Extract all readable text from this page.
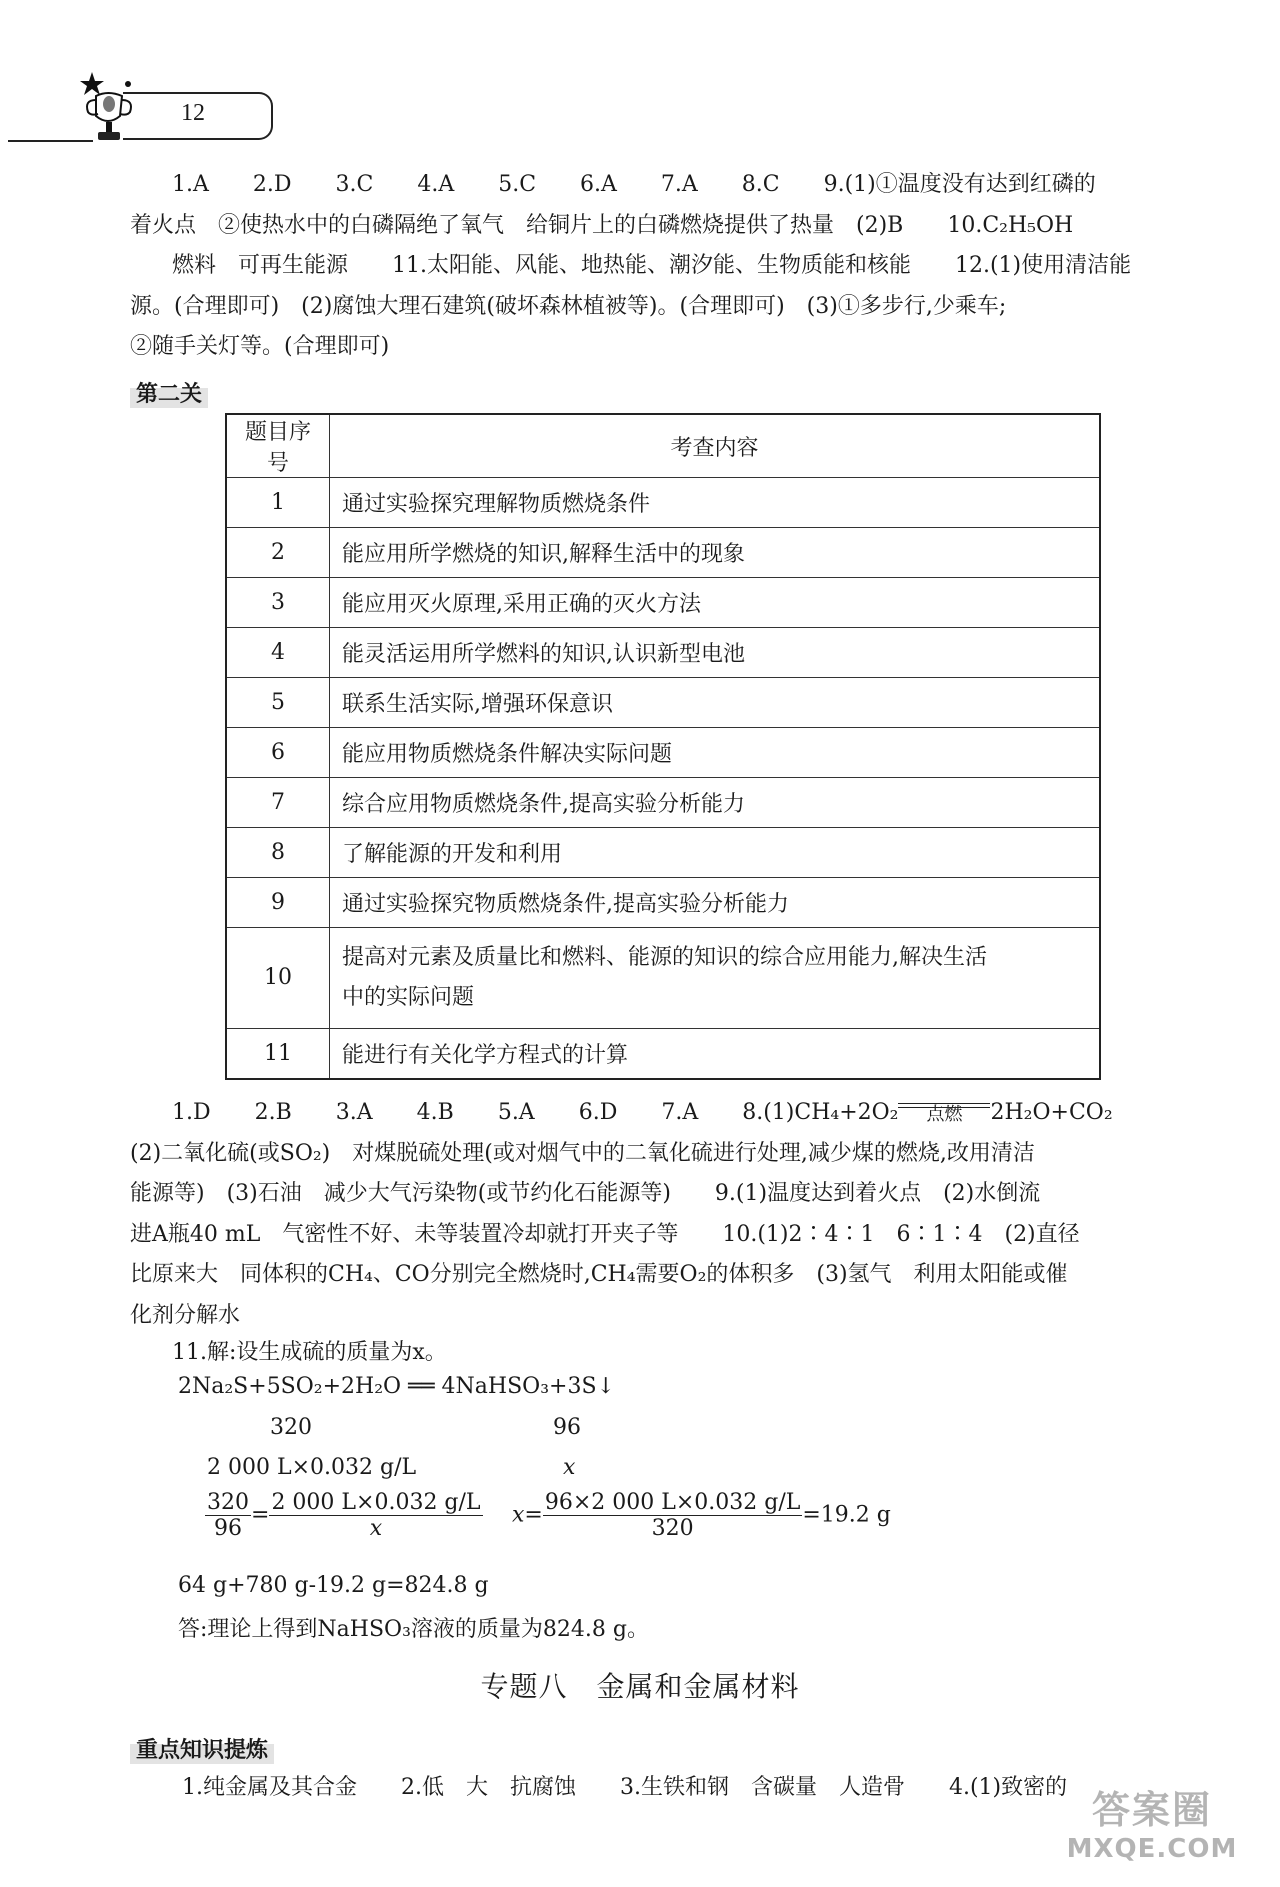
12

1.A　　2.D　　3.C　　4.A　　5.C　　6.A　　7.A　　8.C　　9.(1)①温度没有达到红磷的

着火点　②使热水中的白磷隔绝了氧气　给铜片上的白磷燃烧提供了热量　(2)B　　10.C₂H₅OH

燃料　可再生能源　　11.太阳能、风能、地热能、潮汐能、生物质能和核能　　12.(1)使用清洁能

源。(合理即可)　(2)腐蚀大理石建筑(破坏森林植被等)。(合理即可)　(3)①多步行,少乘车;

②随手关灯等。(合理即可)

第二关
题目序号	考查内容
1	通过实验探究理解物质燃烧条件
2	能应用所学燃烧的知识,解释生活中的现象
3	能应用灭火原理,采用正确的灭火方法
4	能灵活运用所学燃料的知识,认识新型电池
5	联系生活实际,增强环保意识
6	能应用物质燃烧条件解决实际问题
7	综合应用物质燃烧条件,提高实验分析能力
8	了解能源的开发和利用
9	通过实验探究物质燃烧条件,提高实验分析能力
10	提高对元素及质量比和燃料、能源的知识的综合应用能力,解决生活
中的实际问题

11	能进行有关化学方程式的计算

1.D　　2.B　　3.A　　4.B　　5.A　　6.D　　7.A　　8.(1)CH₄+2O₂	点燃	2H₂O+CO₂

(2)二氧化硫(或SO₂)　对煤脱硫处理(或对烟气中的二氧化硫进行处理,减少煤的燃烧,改用清洁

能源等)　(3)石油　减少大气污染物(或节约化石能源等)　　9.(1)温度达到着火点　(2)水倒流

进A瓶40 mL　气密性不好、未等装置冷却就打开夹子等　　10.(1)2∶4∶1　6∶1∶4　(2)直径

比原来大　同体积的CH₄、CO分别完全燃烧时,CH₄需要O₂的体积多　(3)氢气　利用太阳能或催

化剂分解水

11.解:设生成硫的质量为x。
2Na₂S+5SO₂+2H₂O ══ 4NaHSO₃+3S↓
320	96
2 000 L×0.032 g/L	x
$\frac{320}{96} = \frac{2 000 L\times 0.032 g/L}{x} x= \frac{96\times 2 000 L\times 0.032 g/L}{320} =19.2$ g
64 g+780 g-19.2 g=824.8 g
答:理论上得到NaHSO₃溶液的质量为824.8 g。
专题八　金属和金属材料
重点知识提炼
1.纯金属及其合金　　2.低　大　抗腐蚀　　3.生铁和钢　含碳量　人造骨　　4.(1)致密的
答案圈
MXQE.COM
